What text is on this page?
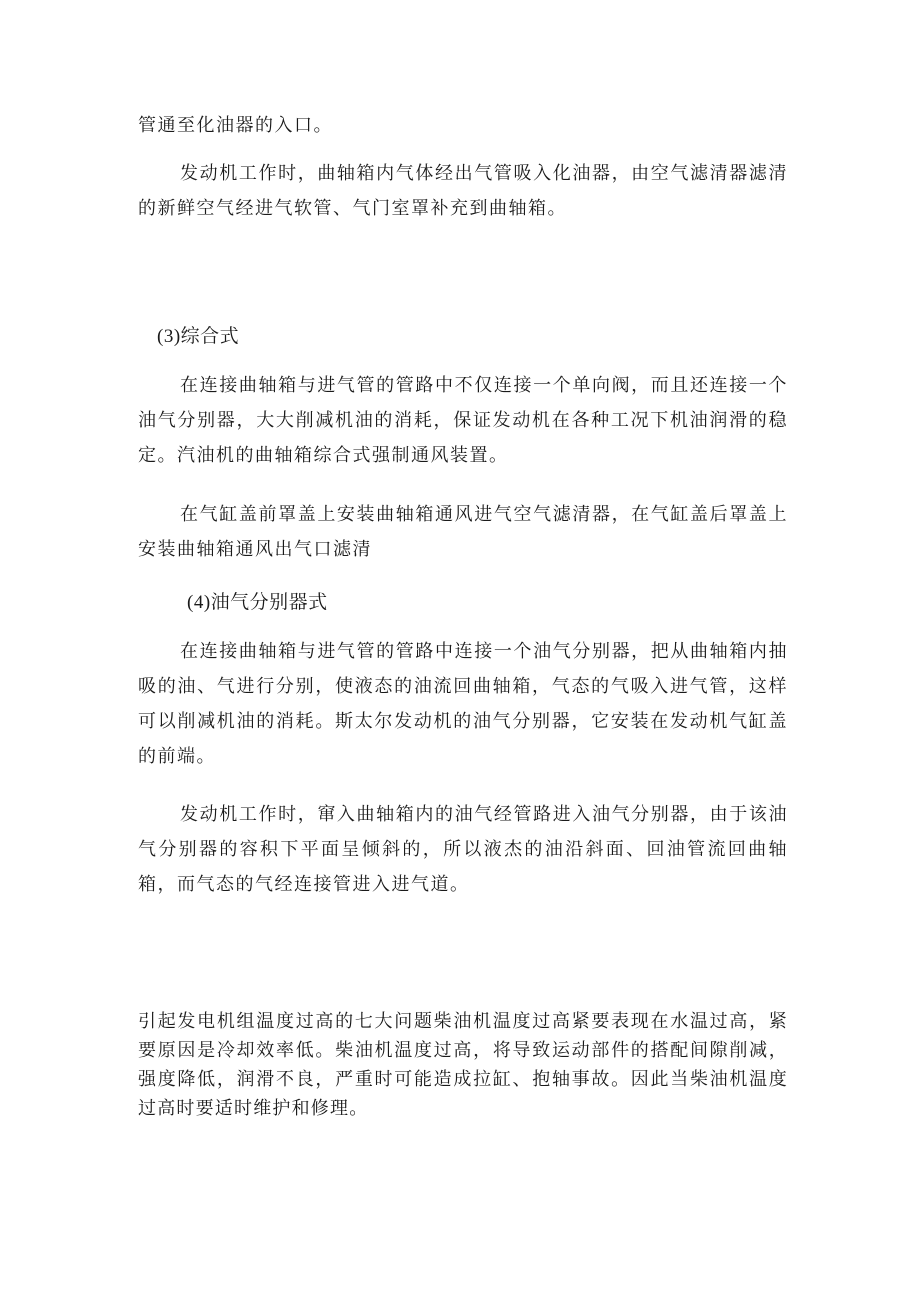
管通至化油器的入口。

发动机工作时，曲轴箱内气体经出气管吸入化油器，由空气滤清器滤清的新鲜空气经进气软管、气门室罩补充到曲轴箱。

(3)综合式

在连接曲轴箱与进气管的管路中不仅连接一个单向阀，而且还连接一个油气分别器，大大削减机油的消耗，保证发动机在各种工况下机油润滑的稳定。汽油机的曲轴箱综合式强制通风装置。

在气缸盖前罩盖上安装曲轴箱通风进气空气滤清器，在气缸盖后罩盖上安装曲轴箱通风出气口滤清

(4)油气分别器式

在连接曲轴箱与进气管的管路中连接一个油气分别器，把从曲轴箱内抽吸的油、气进行分别，使液态的油流回曲轴箱，气态的气吸入进气管，这样可以削减机油的消耗。斯太尔发动机的油气分别器，它安装在发动机气缸盖的前端。

发动机工作时，窜入曲轴箱内的油气经管路进入油气分别器，由于该油气分别器的容积下平面呈倾斜的，所以液杰的油沿斜面、回油管流回曲轴箱，而气态的气经连接管进入进气道。

引起发电机组温度过高的七大问题柴油机温度过高紧要表现在水温过高，紧要原因是冷却效率低。柴油机温度过高，将导致运动部件的搭配间隙削减，强度降低，润滑不良，严重时可能造成拉缸、抱轴事故。因此当柴油机温度过高时要适时维护和修理。
